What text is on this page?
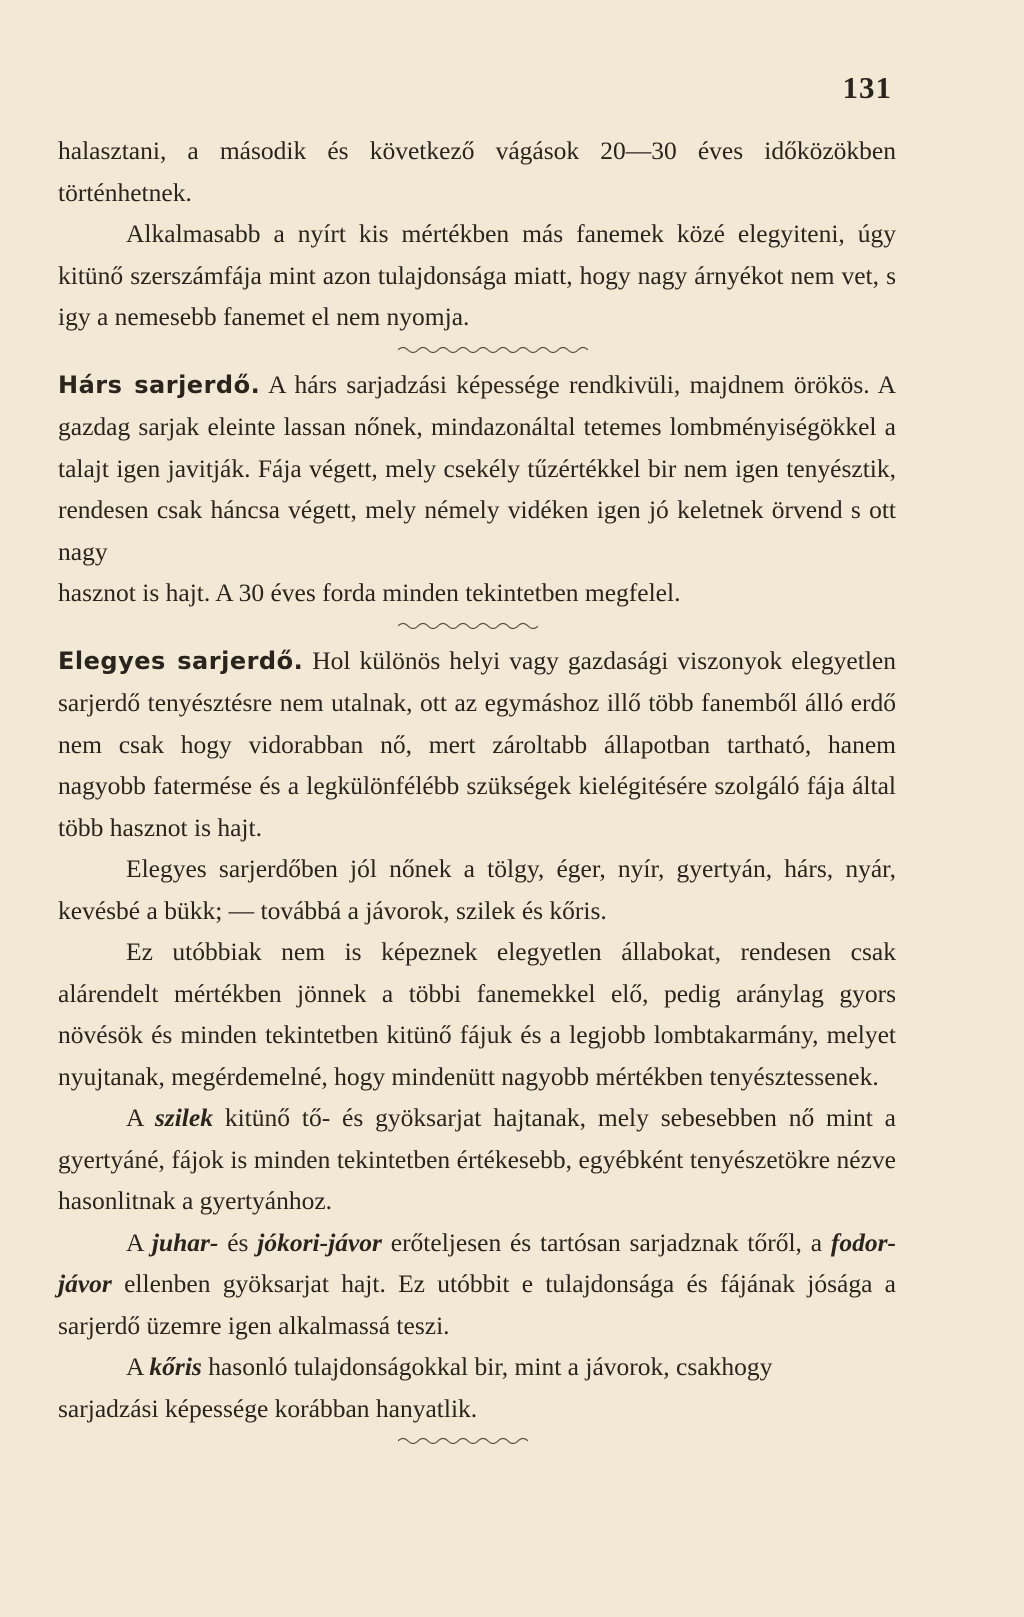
131

halasztani, a második és következő vágások 20—30 éves időközökben történhetnek.

Alkalmasabb a nyírt kis mértékben más fanemek közé elegyiteni, úgy kitünő szerszámfája mint azon tulajdonsága miatt, hogy nagy árnyékot nem vet, s igy a nemesebb fanemet el nem nyomja.

Hárs sarjerdő. A hárs sarjadzási képessége rendkivüli, majdnem örökös. A gazdag sarjak eleinte lassan nőnek, mindazonáltal tetemes lombményiségökkel a talajt igen javitják. Fája végett, mely csekély tűzértékkel bir nem igen tenyésztik, rendesen csak háncsa végett, mely némely vidéken igen jó keletnek örvend s ott nagy
hasznot is hajt. A 30 éves forda minden tekintetben megfelel.

Elegyes sarjerdő. Hol különös helyi vagy gazdasági viszonyok elegyetlen sarjerdő tenyésztésre nem utalnak, ott az egymáshoz illő több fanemből álló erdő nem csak hogy vidorabban nő, mert zároltabb állapotban tartható, hanem nagyobb fatermése és a legkülönfélébb szükségek kielégitésére szolgáló fája által több hasznot is hajt.

Elegyes sarjerdőben jól nőnek a tölgy, éger, nyír, gyertyán, hárs, nyár, kevésbé a bükk; — továbbá a jávorok, szilek és kőris.

Ez utóbbiak nem is képeznek elegyetlen állabokat, rendesen csak alárendelt mértékben jönnek a többi fanemekkel elő, pedig aránylag gyors növésök és minden tekintetben kitünő fájuk és a legjobb lombtakarmány, melyet nyujtanak, megérdemelné, hogy mindenütt nagyobb mértékben tenyésztessenek.

A szilek kitünő tő- és gyöksarjat hajtanak, mely sebesebben nő mint a gyertyáné, fájok is minden tekintetben értékesebb, egyébként tenyészetökre nézve hasonlitnak a gyertyánhoz.

A juhar- és jókori-jávor erőteljesen és tartósan sarjadznak tőről, a fodor-jávor ellenben gyöksarjat hajt. Ez utóbbit e tulajdonsága és fájának jósága a sarjerdő üzemre igen alkalmassá teszi.

A kőris hasonló tulajdonságokkal bir, mint a jávorok, csakhogy
sarjadzási képessége korábban hanyatlik.
